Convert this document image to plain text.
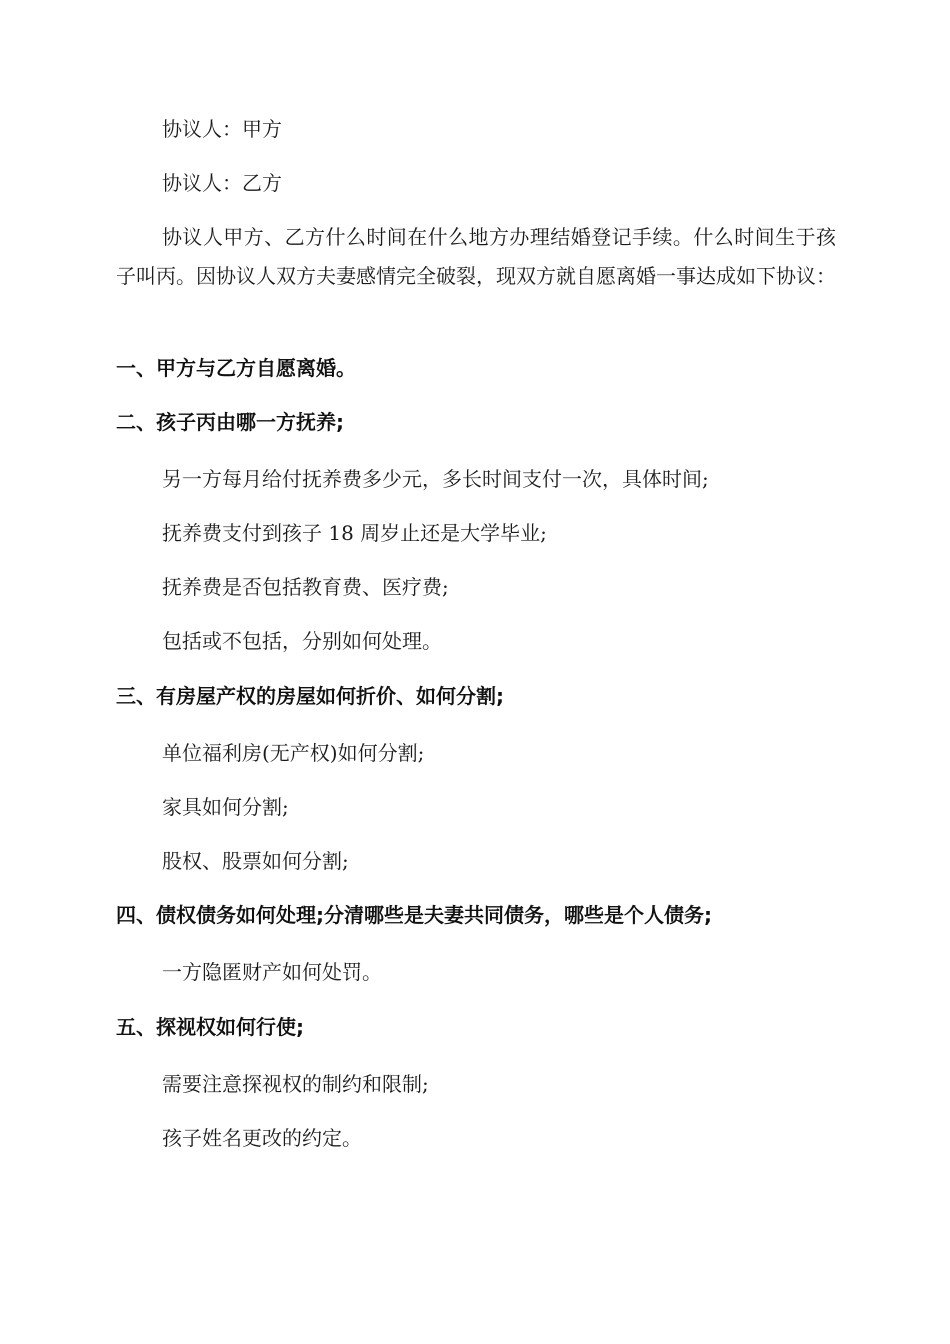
协议人：甲方
协议人：乙方
协议人甲方、乙方什么时间在什么地方办理结婚登记手续。什么时间生于孩子叫丙。因协议人双方夫妻感情完全破裂，现双方就自愿离婚一事达成如下协议：
一、甲方与乙方自愿离婚。
二、孩子丙由哪一方抚养;
另一方每月给付抚养费多少元，多长时间支付一次，具体时间;
抚养费支付到孩子 18 周岁止还是大学毕业;
抚养费是否包括教育费、医疗费;
包括或不包括，分别如何处理。
三、有房屋产权的房屋如何折价、如何分割;
单位福利房(无产权)如何分割;
家具如何分割;
股权、股票如何分割;
四、债权债务如何处理;分清哪些是夫妻共同债务，哪些是个人债务;
一方隐匿财产如何处罚。
五、探视权如何行使;
需要注意探视权的制约和限制;
孩子姓名更改的约定。
